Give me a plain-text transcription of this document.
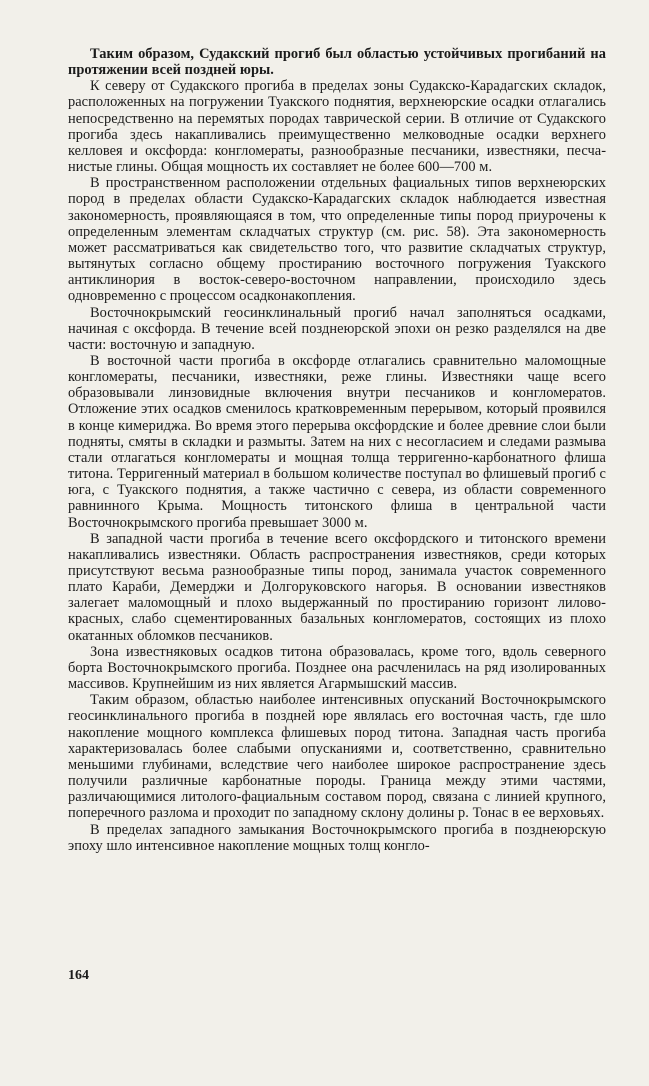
Таким образом, Судакский прогиб был областью устойчивых прогибаний на протяжении всей поздней юры.

К северу от Судакского прогиба в пределах зоны Судакско-Карадагских складок, расположенных на погружении Туакского поднятия, верхнеюрские осадки отлагались непосредственно на перемятых породах таврической серии. В отличие от Судакского прогиба здесь накапливались преимущественно мелководные осадки верхнего келловея и оксфорда: конгломераты, разнообразные песчаники, известняки, песчанистые глины. Общая мощность их составляет не более 600—700 м.

В пространственном расположении отдельных фациальных типов верхнеюрских пород в пределах области Судакско-Карадагских складок наблюдается известная закономерность, проявляющаяся в том, что определенные типы пород приурочены к определенным элементам складчатых структур (см. рис. 58). Эта закономерность может рассматриваться как свидетельство того, что развитие складчатых структур, вытянутых согласно общему простиранию восточного погружения Туакского антиклинория в восток-северо-восточном направлении, происходило здесь одновременно с процессом осадконакопления.

Восточнокрымский геосинклинальный прогиб начал заполняться осадками, начиная с оксфорда. В течение всей позднеюрской эпохи он резко разделялся на две части: восточную и западную.

В восточной части прогиба в оксфорде отлагались сравнительно маломощные конгломераты, песчаники, известняки, реже глины. Известняки чаще всего образовывали линзовидные включения внутри песчаников и конгломератов. Отложение этих осадков сменилось кратковременным перерывом, который проявился в конце кимериджа. Во время этого перерыва оксфордские и более древние слои были подняты, смяты в складки и размыты. Затем на них с несогласием и следами размыва стали отлагаться конгломераты и мощная толща терригенно-карбонатного флиша титона. Терригенный материал в большом количестве поступал во флишевый прогиб с юга, с Туакского поднятия, а также частично с севера, из области современного равнинного Крыма. Мощность титонского флиша в центральной части Восточнокрымского прогиба превышает 3000 м.

В западной части прогиба в течение всего оксфордского и титонского времени накапливались известняки. Область распространения известняков, среди которых присутствуют весьма разнообразные типы пород, занимала участок современного плато Караби, Демерджи и Долгоруковского нагорья. В основании известняков залегает маломощный и плохо выдержанный по простиранию горизонт лилово-красных, слабо сцементированных базальных конгломератов, состоящих из плохо окатанных обломков песчаников.

Зона известняковых осадков титона образовалась, кроме того, вдоль северного борта Восточнокрымского прогиба. Позднее она расчленилась на ряд изолированных массивов. Крупнейшим из них является Агармышский массив.

Таким образом, областью наиболее интенсивных опусканий Восточнокрымского геосинклинального прогиба в поздней юре являлась его восточная часть, где шло накопление мощного комплекса флишевых пород титона. Западная часть прогиба характеризовалась более слабыми опусканиями и, соответственно, сравнительно меньшими глубинами, вследствие чего наиболее широкое распространение здесь получили различные карбонатные породы. Граница между этими частями, различающимися литолого-фациальным составом пород, связана с линией крупного, поперечного разлома и проходит по западному склону долины р. Тонас в ее верховьях.

В пределах западного замыкания Восточнокрымского прогиба в позднеюрскую эпоху шло интенсивное накопление мощных толщ конгло-

164
